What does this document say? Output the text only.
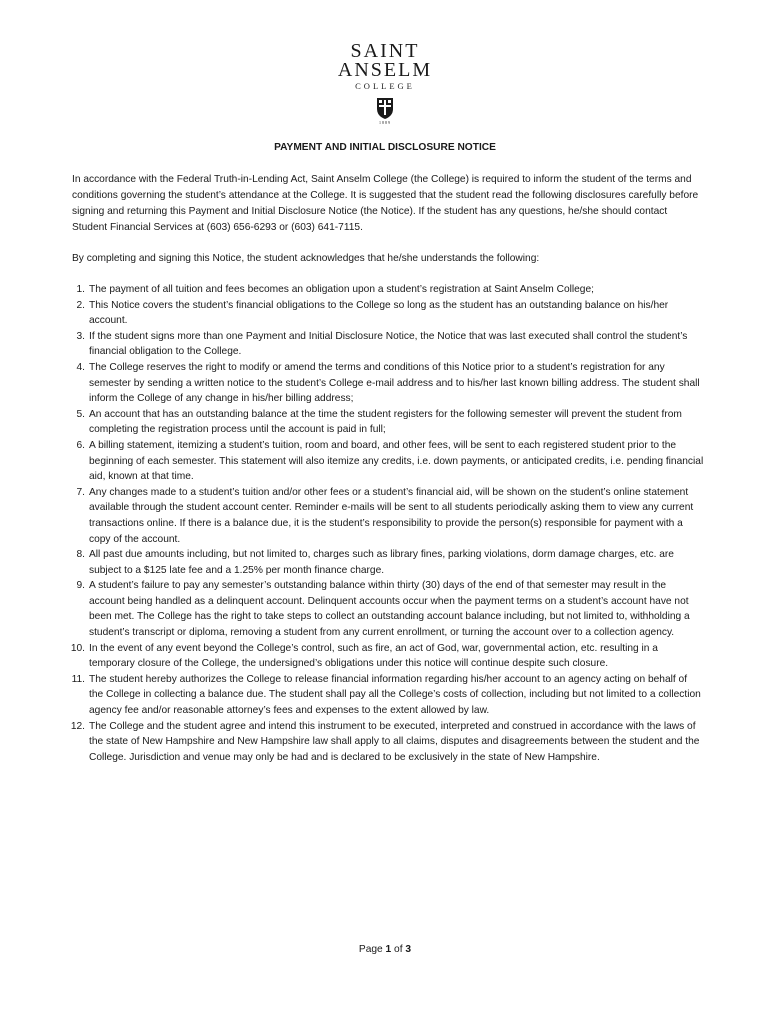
SAINT
ANSELM
COLLEGE
1889
PAYMENT AND INITIAL DISCLOSURE NOTICE

In accordance with the Federal Truth-in-Lending Act, Saint Anselm College (the College) is required to inform the student of the terms and conditions governing the student’s attendance at the College. It is suggested that the student read the following disclosures carefully before signing and returning this Payment and Initial Disclosure Notice (the Notice). If the student has any questions, he/she should contact Student Financial Services at (603) 656-6293 or (603) 641-7115.

By completing and signing this Notice, the student acknowledges that he/she understands the following:

1. The payment of all tuition and fees becomes an obligation upon a student’s registration at Saint Anselm College;
2. This Notice covers the student’s financial obligations to the College so long as the student has an outstanding balance on his/her account.
3. If the student signs more than one Payment and Initial Disclosure Notice, the Notice that was last executed shall control the student’s financial obligation to the College.
4. The College reserves the right to modify or amend the terms and conditions of this Notice prior to a student’s registration for any semester by sending a written notice to the student’s College e-mail address and to his/her last known billing address. The student shall inform the College of any change in his/her billing address;
5. An account that has an outstanding balance at the time the student registers for the following semester will prevent the student from completing the registration process until the account is paid in full;
6. A billing statement, itemizing a student’s tuition, room and board, and other fees, will be sent to each registered student prior to the beginning of each semester. This statement will also itemize any credits, i.e. down payments, or anticipated credits, i.e. pending financial aid, known at that time.
7. Any changes made to a student’s tuition and/or other fees or a student’s financial aid, will be shown on the student’s online statement available through the student account center. Reminder e-mails will be sent to all students periodically asking them to view any current transactions online. If there is a balance due, it is the student’s responsibility to provide the person(s) responsible for payment with a copy of the account.
8. All past due amounts including, but not limited to, charges such as library fines, parking violations, dorm damage charges, etc. are subject to a $125 late fee and a 1.25% per month finance charge.
9. A student’s failure to pay any semester’s outstanding balance within thirty (30) days of the end of that semester may result in the account being handled as a delinquent account. Delinquent accounts occur when the payment terms on a student’s account have not been met. The College has the right to take steps to collect an outstanding account balance including, but not limited to, withholding a student’s transcript or diploma, removing a student from any current enrollment, or turning the account over to a collection agency.
10. In the event of any event beyond the College’s control, such as fire, an act of God, war, governmental action, etc. resulting in a temporary closure of the College, the undersigned’s obligations under this notice will continue despite such closure.
11. The student hereby authorizes the College to release financial information regarding his/her account to an agency acting on behalf of the College in collecting a balance due. The student shall pay all the College’s costs of collection, including but not limited to a collection agency fee and/or reasonable attorney’s fees and expenses to the extent allowed by law.
12. The College and the student agree and intend this instrument to be executed, interpreted and construed in accordance with the laws of the state of New Hampshire and New Hampshire law shall apply to all claims, disputes and disagreements between the student and the College. Jurisdiction and venue may only be had and is declared to be exclusively in the state of New Hampshire.
Page 1 of 3
